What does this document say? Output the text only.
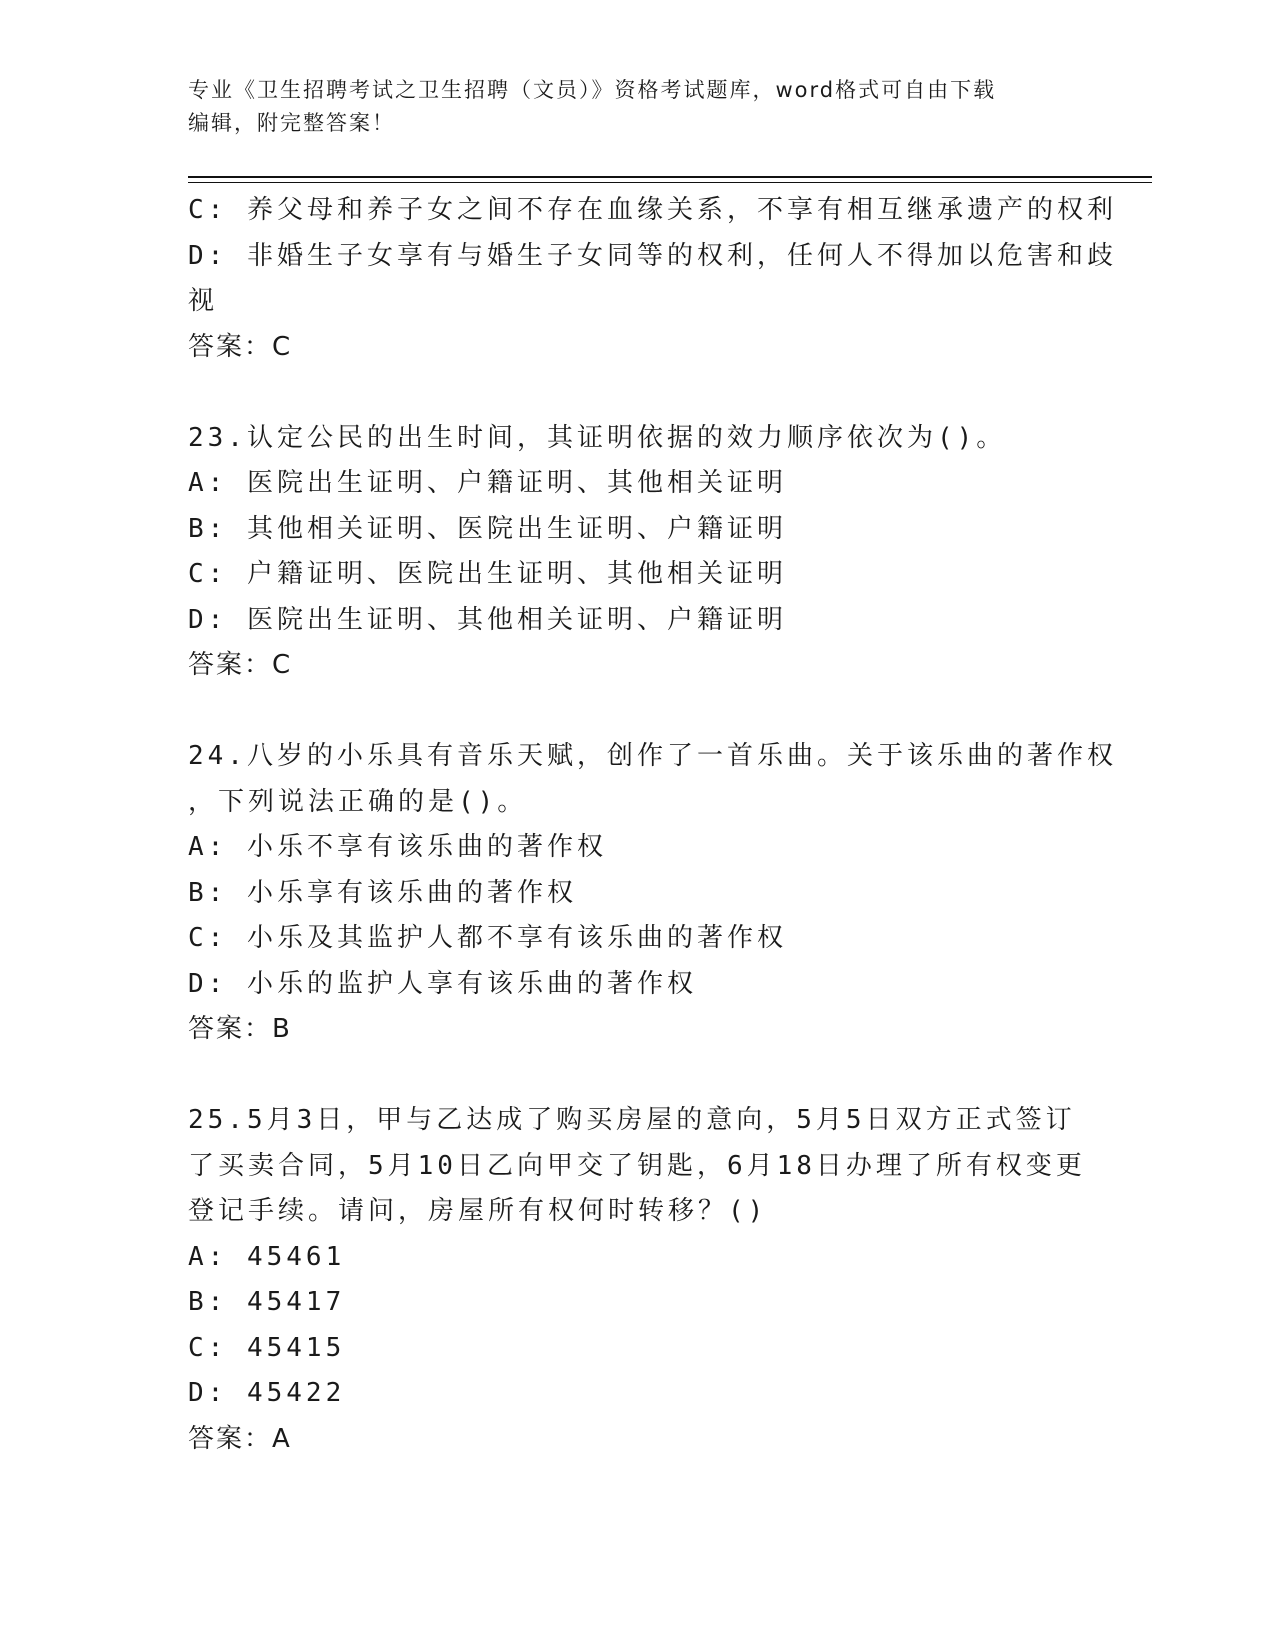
专业《卫生招聘考试之卫生招聘（文员）》资格考试题库，word格式可自由下载
编辑，附完整答案！
C: 养父母和养子女之间不存在血缘关系，不享有相互继承遗产的权利
D: 非婚生子女享有与婚生子女同等的权利，任何人不得加以危害和歧
视
答案：C
23.认定公民的出生时间，其证明依据的效力顺序依次为()。
A: 医院出生证明、户籍证明、其他相关证明
B: 其他相关证明、医院出生证明、户籍证明
C: 户籍证明、医院出生证明、其他相关证明
D: 医院出生证明、其他相关证明、户籍证明
答案：C
24.八岁的小乐具有音乐天赋，创作了一首乐曲。关于该乐曲的著作权
，下列说法正确的是()。
A: 小乐不享有该乐曲的著作权
B: 小乐享有该乐曲的著作权
C: 小乐及其监护人都不享有该乐曲的著作权
D: 小乐的监护人享有该乐曲的著作权
答案：B
25.5月3日，甲与乙达成了购买房屋的意向，5月5日双方正式签订
了买卖合同，5月10日乙向甲交了钥匙，6月18日办理了所有权变更
登记手续。请问，房屋所有权何时转移？()
A: 45461
B: 45417
C: 45415
D: 45422
答案：A
